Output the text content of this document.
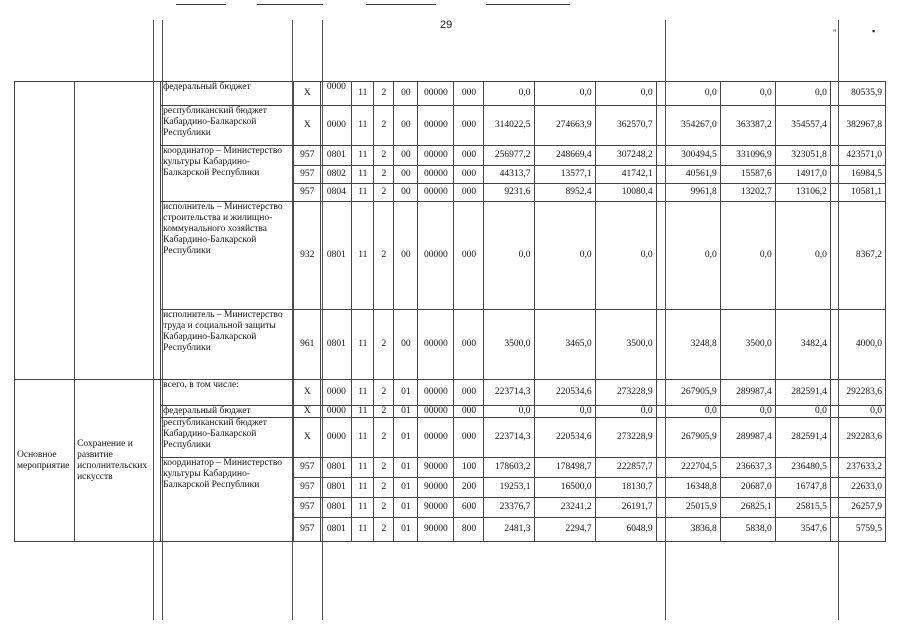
29
″	▪
		федеральный бюджет	X	0000	11	2	00	00000	000	0,0	0,0	0,0	0,0	0,0	0,0	80535,9
		республиканский бюджет Кабардино-Балкарской Республики	X	0000	11	2	00	00000	000	314022,5	274663,9	362570,7	354267,0	363387,2	354557,4	382967,8
		координатор – Министерство культуры Кабардино-Балкарской Республики	957	0801	11	2	00	00000	000	256977,2	248669,4	307248,2	300494,5	331096,9	323051,8	423571,0
			957	0802	11	2	00	00000	000	44313,7	13577,1	41742,1	40561,9	15587,6	14917,0	16984,5
			957	0804	11	2	00	00000	000	9231,6	8952,4	10080,4	9961,8	13202,7	13106,2	10581,1
		исполнитель – Министерство строительства и жилищно-коммунального хозяйства Кабардино-Балкарской Республики	932	0801	11	2	00	00000	000	0,0	0,0	0,0	0,0	0,0	0,0	8367,2
		исполнитель – Министерство труда и социальной защиты Кабардино-Балкарской Республики	961	0801	11	2	00	00000	000	3500,0	3465,0	3500,0	3248,8	3500,0	3482,4	4000,0
Основное мероприятие	Сохранение и развитие исполнительских искусств	всего, в том числе:	X	0000	11	2	01	00000	000	223714,3	220534,6	273228,9	267905,9	289987,4	282591,4	292283,6
		федеральный бюджет	X	0000	11	2	01	00000	000	0,0	0,0	0,0	0,0	0,0	0,0	0,0
		республиканский бюджет Кабардино-Балкарской Республики	X	0000	11	2	01	00000	000	223714,3	220534,6	273228,9	267905,9	289987,4	282591,4	292283,6
		координатор – Министерство культуры Кабардино-Балкарской Республики	957	0801	11	2	01	90000	100	178603,2	178498,7	222857,7	222704,5	236637,3	236480,5	237633,2
			957	0801	11	2	01	90000	200	19253,1	16500,0	18130,7	16348,8	20687,0	16747,8	22633,0
			957	0801	11	2	01	90000	600	23376,7	23241,2	26191,7	25015,9	26825,1	25815,5	26257,9
			957	0801	11	2	01	90000	800	2481,3	2294,7	6048,9	3836,8	5838,0	3547,6	5759,5
